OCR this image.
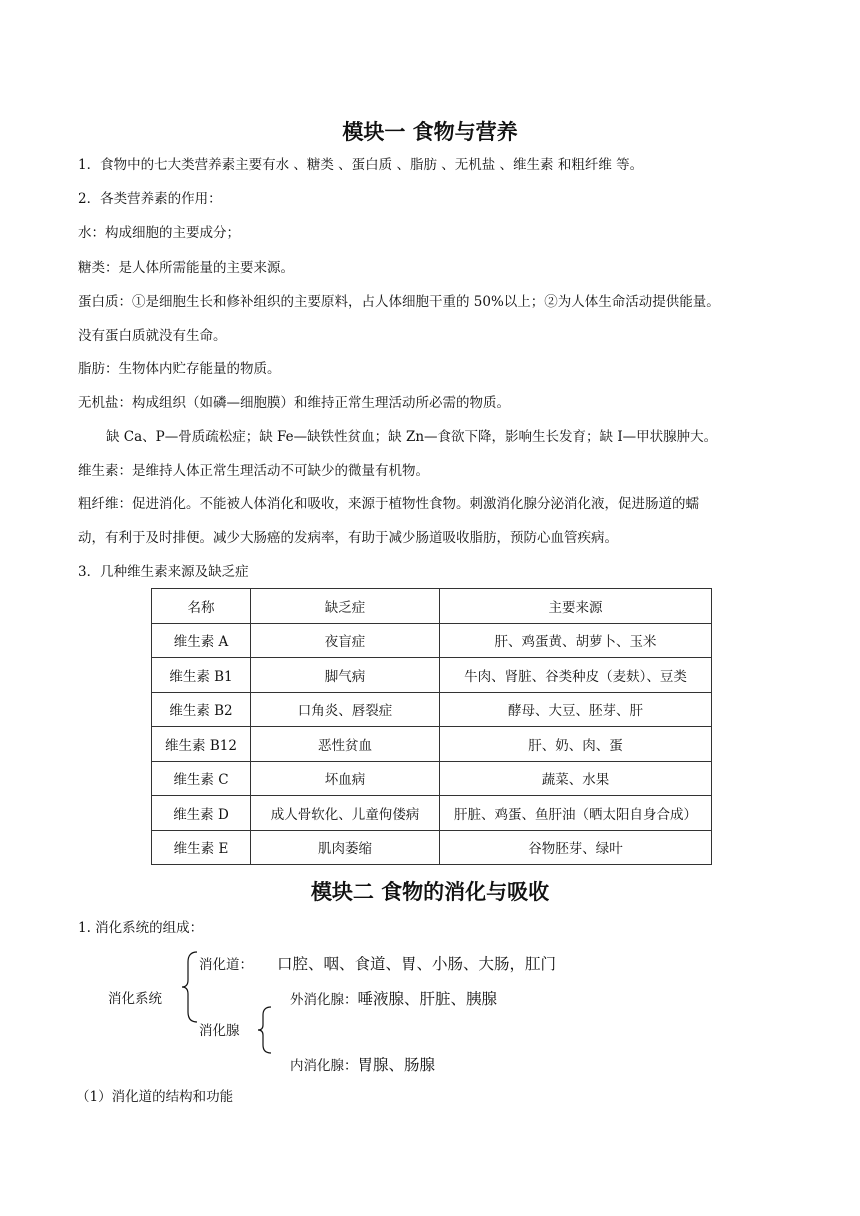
模块一 食物与营养
1．食物中的七大类营养素主要有水 、糖类 、蛋白质 、脂肪 、无机盐 、维生素 和粗纤维 等。
2．各类营养素的作用：
水：构成细胞的主要成分；
糖类：是人体所需能量的主要来源。
蛋白质：①是细胞生长和修补组织的主要原料，占人体细胞干重的 50%以上；②为人体生命活动提供能量。
没有蛋白质就没有生命。
脂肪：生物体内贮存能量的物质。
无机盐：构成组织（如磷—细胞膜）和维持正常生理活动所必需的物质。
缺 Ca、P—骨质疏松症；缺 Fe—缺铁性贫血；缺 Zn—食欲下降，影响生长发育；缺 I—甲状腺肿大。
维生素：是维持人体正常生理活动不可缺少的微量有机物。
粗纤维：促进消化。不能被人体消化和吸收，来源于植物性食物。刺激消化腺分泌消化液，促进肠道的蠕
动，有利于及时排便。减少大肠癌的发病率，有助于减少肠道吸收脂肪，预防心血管疾病。
3．几种维生素来源及缺乏症
名称	缺乏症	主要来源
维生素 A	夜盲症	肝、鸡蛋黄、胡萝卜、玉米
维生素 B1	脚气病	牛肉、肾脏、谷类种皮（麦麸）、豆类
维生素 B2	口角炎、唇裂症	酵母、大豆、胚芽、肝
维生素 B12	恶性贫血	肝、奶、肉、蛋
维生素 C	坏血病	蔬菜、水果
维生素 D	成人骨软化、儿童佝偻病	肝脏、鸡蛋、鱼肝油（晒太阳自身合成）
维生素 E	肌肉萎缩	谷物胚芽、绿叶
模块二 食物的消化与吸收
1. 消化系统的组成：
消化系统
消化道： 口腔、咽、食道、胃、小肠、大肠，肛门
消化腺
外消化腺：唾液腺、肝脏、胰腺
内消化腺：胃腺、肠腺
（1）消化道的结构和功能
